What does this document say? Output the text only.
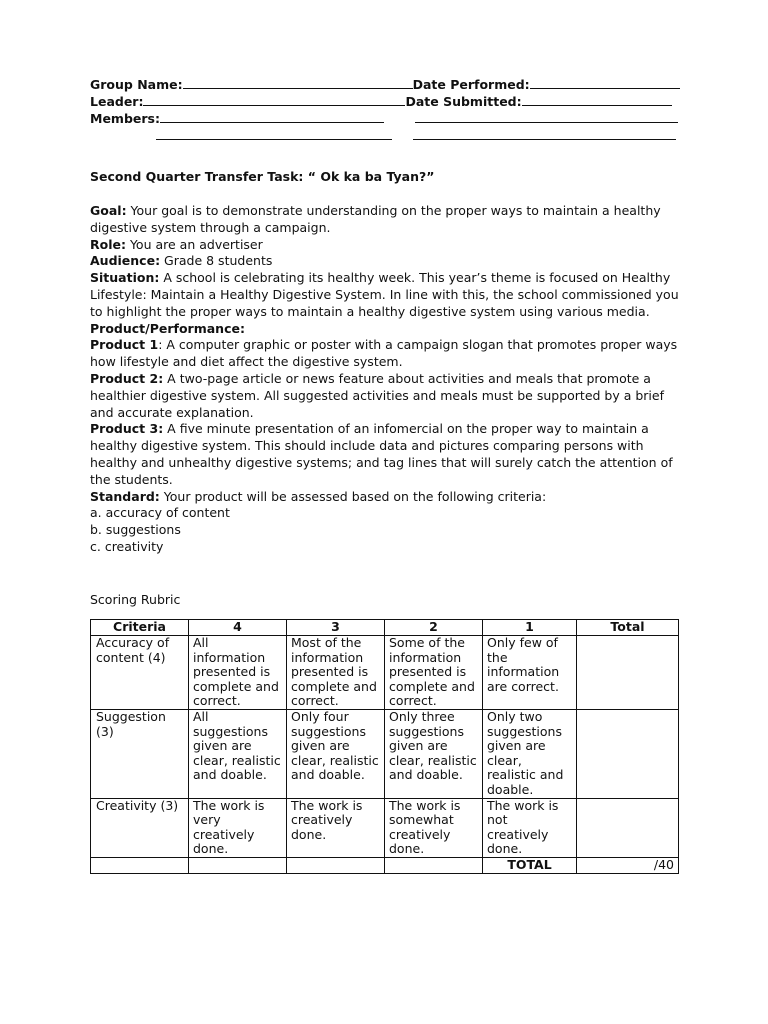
Group Name:	Date Performed:
Leader:	Date Submitted:
Members:
Second Quarter Transfer Task: “ Ok ka ba Tyan?”

Goal: Your goal is to demonstrate understanding on the proper ways to maintain a healthy digestive system through a campaign.

Role: You are an advertiser

Audience: Grade 8 students

Situation: A school is celebrating its healthy week. This year’s theme is focused on Healthy Lifestyle: Maintain a Healthy Digestive System. In line with this, the school commissioned you to highlight the proper ways to maintain a healthy digestive system using various media.

Product/Performance:

Product 1: A computer graphic or poster with a campaign slogan that promotes proper ways how lifestyle and diet affect the digestive system.

Product 2: A two-page article or news feature about activities and meals that promote a healthier digestive system. All suggested activities and meals must be supported by a brief and accurate explanation.

Product 3: A five minute presentation of an infomercial on the proper way to maintain a healthy digestive system. This should include data and pictures comparing persons with healthy and unhealthy digestive systems; and tag lines that will surely catch the attention of the students.

Standard: Your product will be assessed based on the following criteria:

a. accuracy of content

b. suggestions

c. creativity

Scoring Rubric
Criteria	4	3	2	1	Total
Accuracy of content (4)	All information presented is complete and correct.	Most of the information presented is complete and correct.	Some of the information presented is complete and correct.	Only few of the information are correct.	
Suggestion (3)	All suggestions given are clear, realistic and doable.	Only four suggestions given are clear, realistic and doable.	Only three suggestions given are clear, realistic and doable.	Only two suggestions given are clear, realistic and doable.	
Creativity (3)	The work is very creatively done.	The work is creatively done.	The work is somewhat creatively done.	The work is not creatively done.	
				TOTAL	/40
